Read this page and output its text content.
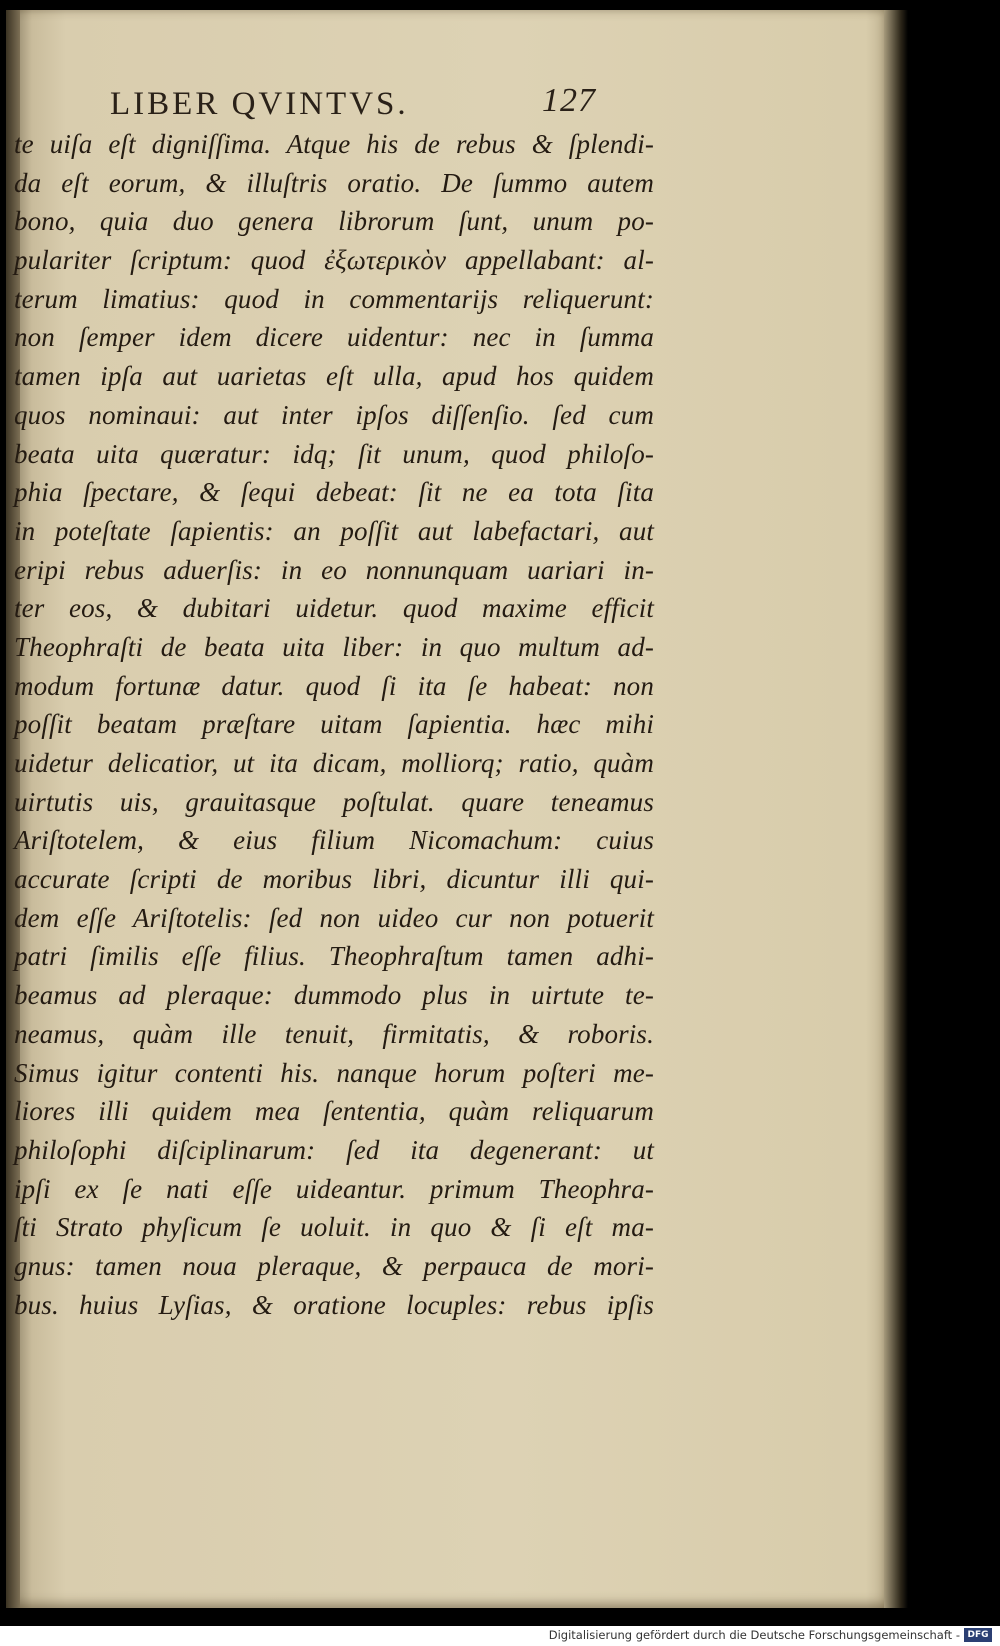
LIBER QVINTVS.	127
te uiſa eſt digniſſima. Atque his de rebus & ſplendi-
da eſt eorum, & illuſtris oratio. De ſummo autem
bono, quia duo genera librorum ſunt, unum po-
pulariter ſcriptum: quod ἐξωτερικὸν appellabant: al-
terum limatius: quod in commentarijs reliquerunt:
non ſemper idem dicere uidentur: nec in ſumma
tamen ipſa aut uarietas eſt ulla, apud hos quidem
quos nominaui: aut inter ipſos diſſenſio. ſed cum
beata uita quæratur: idq; ſit unum, quod philoſo-
phia ſpectare, & ſequi debeat: ſit ne ea tota ſita
in poteſtate ſapientis: an poſſit aut labefactari, aut
eripi rebus aduerſis: in eo nonnunquam uariari in-
ter eos, & dubitari uidetur. quod maxime efficit
Theophraſti de beata uita liber: in quo multum ad-
modum fortunæ datur. quod ſi ita ſe habeat: non
poſſit beatam præſtare uitam ſapientia. hæc mihi
uidetur delicatior, ut ita dicam, molliorq; ratio, quàm
uirtutis uis, grauitasque poſtulat. quare teneamus
Ariſtotelem, & eius filium Nicomachum: cuius
accurate ſcripti de moribus libri, dicuntur illi qui-
dem eſſe Ariſtotelis: ſed non uideo cur non potuerit
patri ſimilis eſſe filius. Theophraſtum tamen adhi-
beamus ad pleraque: dummodo plus in uirtute te-
neamus, quàm ille tenuit, firmitatis, & roboris.
Simus igitur contenti his. nanque horum poſteri me-
liores illi quidem mea ſententia, quàm reliquarum
philoſophi diſciplinarum: ſed ita degenerant: ut
ipſi ex ſe nati eſſe uideantur. primum Theophra-
ſti Strato phyſicum ſe uoluit. in quo & ſi eſt ma-
gnus: tamen noua pleraque, & perpauca de mori-
bus. huius Lyſias, & oratione locuples: rebus ipſis
Digitalisierung gefördert durch die Deutsche Forschungsgemeinschaft - DFG
